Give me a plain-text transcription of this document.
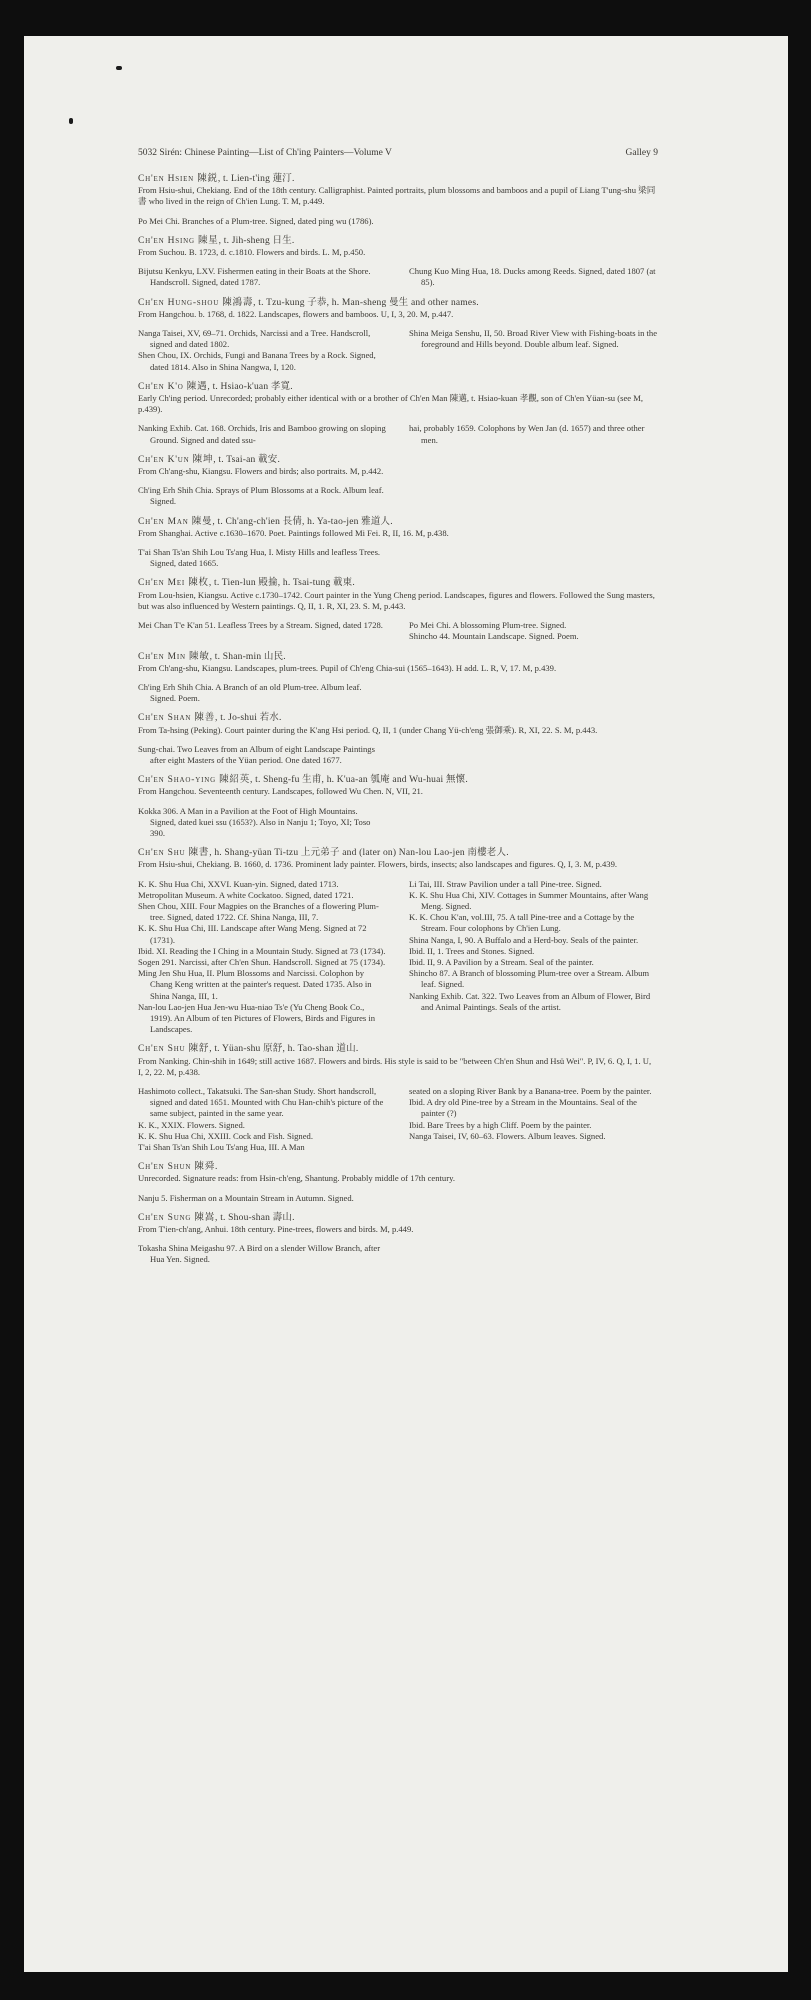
5032 Sirén: Chinese Painting—List of Ch'ing Painters—Volume V	Galley 9
Ch'en Hsien 陳鋭, t. Lien-t'ing 蓮汀.

From Hsiu-shui, Chekiang. End of the 18th century. Calligraphist. Painted portraits, plum blossoms and bamboos and a pupil of Liang T'ung-shu 梁同書 who lived in the reign of Ch'ien Lung. T. M, p.449.

Po Mei Chi. Branches of a Plum-tree. Signed, dated ping wu (1786).
Ch'en Hsing 陳星, t. Jih-sheng 日生.

From Suchou. B. 1723, d. c.1810. Flowers and birds. L. M, p.450.

Bijutsu Kenkyu, LXV. Fishermen eating in their Boats at the Shore. Handscroll. Signed, dated 1787.
Chung Kuo Ming Hua, 18. Ducks among Reeds. Signed, dated 1807 (at 85).
Ch'en Hung-shou 陳鴻壽, t. Tzu-kung 子恭, h. Man-sheng 曼生 and other names.

From Hangchou. b. 1768, d. 1822. Landscapes, flowers and bamboos. U, I, 3, 20. M, p.447.

Nanga Taisei, XV, 69–71. Orchids, Narcissi and a Tree. Handscroll, signed and dated 1802.
Shen Chou, IX. Orchids, Fungi and Banana Trees by a Rock. Signed, dated 1814. Also in Shina Nangwa, I, 120.
Shina Meiga Senshu, II, 50. Broad River View with Fishing-boats in the foreground and Hills beyond. Double album leaf. Signed.
Ch'en K'o 陳遇, t. Hsiao-k'uan 孝寬.

Early Ch'ing period. Unrecorded; probably either identical with or a brother of Ch'en Man 陳邁, t. Hsiao-kuan 孝觀, son of Ch'en Yüan-su (see M, p.439).

Nanking Exhib. Cat. 168. Orchids, Iris and Bamboo growing on sloping Ground. Signed and dated ssu-
hai, probably 1659. Colophons by Wen Jan (d. 1657) and three other men.
Ch'en K'un 陳坤, t. Tsai-an 載安.

From Ch'ang-shu, Kiangsu. Flowers and birds; also portraits. M, p.442.

Ch'ing Erh Shih Chia. Sprays of Plum Blossoms at a Rock. Album leaf. Signed.
Ch'en Man 陳曼, t. Ch'ang-ch'ien 長倩, h. Ya-tao-jen 雅道人.

From Shanghai. Active c.1630–1670. Poet. Paintings followed Mi Fei. R, II, 16. M, p.438.

T'ai Shan Ts'an Shih Lou Ts'ang Hua, I. Misty Hills and leafless Trees. Signed, dated 1665.
Ch'en Mei 陳枚, t. Tien-lun 殿掄, h. Tsai-tung 載東.

From Lou-hsien, Kiangsu. Active c.1730–1742. Court painter in the Yung Cheng period. Landscapes, figures and flowers. Followed the Sung masters, but was also influenced by Western paintings. Q, II, 1. R, XI, 23. S. M, p.443.

Mei Chan T'e K'an 51. Leafless Trees by a Stream. Signed, dated 1728.	Po Mei Chi. A blossoming Plum-tree. Signed.
Shincho 44. Mountain Landscape. Signed. Poem.
Ch'en Min 陳敏, t. Shan-min 山民.

From Ch'ang-shu, Kiangsu. Landscapes, plum-trees. Pupil of Ch'eng Chia-sui (1565–1643). H add. L. R, V, 17. M, p.439.

Ch'ing Erh Shih Chia. A Branch of an old Plum-tree. Album leaf. Signed. Poem.
Ch'en Shan 陳善, t. Jo-shui 若水.

From Ta-hsing (Peking). Court painter during the K'ang Hsi period. Q, II, 1 (under Chang Yü-ch'eng 張御乘). R, XI, 22. S. M, p.443.

Sung-chai. Two Leaves from an Album of eight Landscape Paintings after eight Masters of the Yüan period. One dated 1677.
Ch'en Shao-ying 陳紹英, t. Sheng-fu 生甫, h. K'ua-an 瓠庵 and Wu-huai 無懷.

From Hangchou. Seventeenth century. Landscapes, followed Wu Chen. N, VII, 21.

Kokka 306. A Man in a Pavilion at the Foot of High Mountains. Signed, dated kuei ssu (1653?). Also in Nanju 1; Toyo, XI; Toso 390.
Ch'en Shu 陳書, h. Shang-yüan Ti-tzu 上元弟子 and (later on) Nan-lou Lao-jen 南樓老人.

From Hsiu-shui, Chekiang. B. 1660, d. 1736. Prominent lady painter. Flowers, birds, insects; also landscapes and figures. Q, I, 3. M, p.439.

K. K. Shu Hua Chi, XXVI. Kuan-yin. Signed, dated 1713.
Metropolitan Museum. A white Cockatoo. Signed, dated 1721.
Shen Chou, XIII. Four Magpies on the Branches of a flowering Plum-tree. Signed, dated 1722. Cf. Shina Nanga, III, 7.
K. K. Shu Hua Chi, III. Landscape after Wang Meng. Signed at 72 (1731).
Ibid. XI. Reading the I Ching in a Mountain Study. Signed at 73 (1734).
Sogen 291. Narcissi, after Ch'en Shun. Handscroll. Signed at 75 (1734).
Ming Jen Shu Hua, II. Plum Blossoms and Narcissi. Colophon by Chang Keng written at the painter's request. Dated 1735. Also in Shina Nanga, III, 1.
Nan-lou Lao-jen Hua Jen-wu Hua-niao Ts'e (Yu Cheng Book Co., 1919). An Album of ten Pictures of Flowers, Birds and Figures in Landscapes.
Li Tai, III. Straw Pavilion under a tall Pine-tree. Signed.
K. K. Shu Hua Chi, XIV. Cottages in Summer Mountains, after Wang Meng. Signed.
K. K. Chou K'an, vol.III, 75. A tall Pine-tree and a Cottage by the Stream. Four colophons by Ch'ien Lung.
Shina Nanga, I, 90. A Buffalo and a Herd-boy. Seals of the painter.
Ibid. II, 1. Trees and Stones. Signed.
Ibid. II, 9. A Pavilion by a Stream. Seal of the painter.
Shincho 87. A Branch of blossoming Plum-tree over a Stream. Album leaf. Signed.
Nanking Exhib. Cat. 322. Two Leaves from an Album of Flower, Bird and Animal Paintings. Seals of the artist.
Ch'en Shu 陳舒, t. Yüan-shu 原舒, h. Tao-shan 道山.

From Nanking. Chin-shih in 1649; still active 1687. Flowers and birds. His style is said to be "between Ch'en Shun and Hsü Wei". P, IV, 6. Q, I, 1. U, I, 2, 22. M, p.438.

Hashimoto collect., Takatsuki. The San-shan Study. Short handscroll, signed and dated 1651. Mounted with Chu Han-chih's picture of the same subject, painted in the same year.
K. K., XXIX. Flowers. Signed.
K. K. Shu Hua Chi, XXIII. Cock and Fish. Signed.
T'ai Shan Ts'an Shih Lou Ts'ang Hua, III. A Man
seated on a sloping River Bank by a Banana-tree. Poem by the painter.
Ibid. A dry old Pine-tree by a Stream in the Mountains. Seal of the painter (?)
Ibid. Bare Trees by a high Cliff. Poem by the painter.
Nanga Taisei, IV, 60–63. Flowers. Album leaves. Signed.
Ch'en Shun 陳舜.

Unrecorded. Signature reads: from Hsin-ch'eng, Shantung. Probably middle of 17th century.

Nanju 5. Fisherman on a Mountain Stream in Autumn. Signed.
Ch'en Sung 陳嵩, t. Shou-shan 壽山.

From T'ien-ch'ang, Anhui. 18th century. Pine-trees, flowers and birds. M, p.449.

Tokasha Shina Meigashu 97. A Bird on a slender Willow Branch, after Hua Yen. Signed.
